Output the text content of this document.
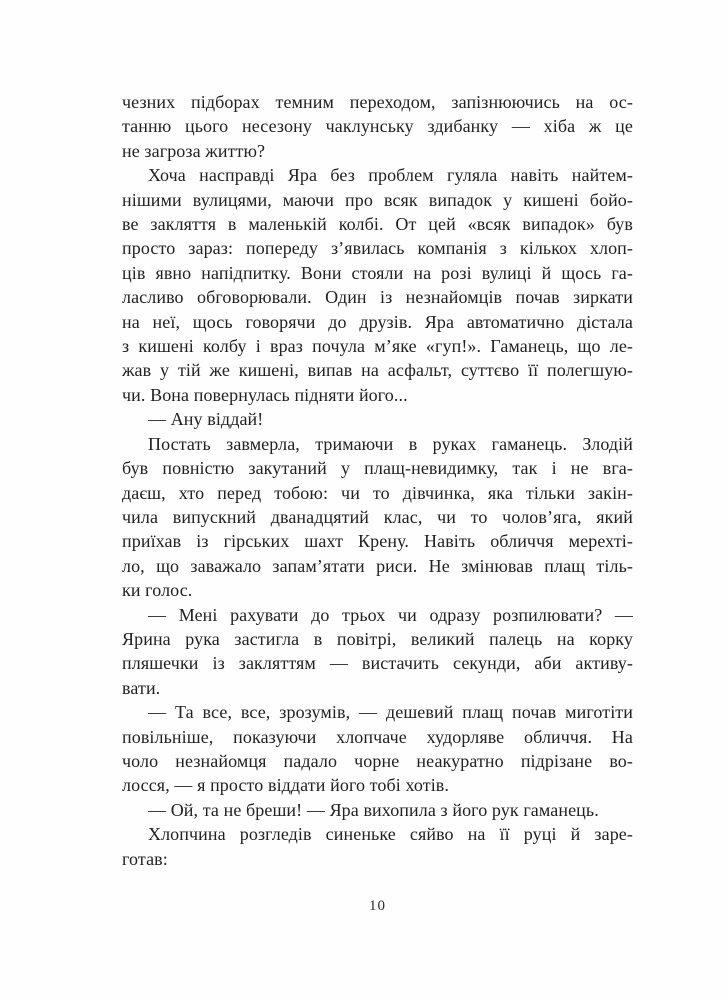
чезних підборах темним переходом, запізнюючись на ос-
танню цього несезону чаклунську здибанку — хіба ж це
не загроза життю?
Хоча насправді Яра без проблем гуляла навіть найтем-
нішими вулицями, маючи про всяк випадок у кишені бойо-
ве закляття в маленькій колбі. От цей «всяк випадок» був
просто зараз: попереду з’явилась компанія з кількох хлоп-
ців явно напідпитку. Вони стояли на розі вулиці й щось га-
ласливо обговорювали. Один із незнайомців почав зиркати
на неї, щось говорячи до друзів. Яра автоматично дістала
з кишені колбу і враз почула м’яке «гуп!». Гаманець, що ле-
жав у тій же кишені, випав на асфальт, суттєво її полегшую-
чи. Вона повернулась підняти його...
— Ану віддай!
Постать завмерла, тримаючи в руках гаманець. Злодій
був повністю закутаний у плащ-невидимку, так і не вга-
даєш, хто перед тобою: чи то дівчинка, яка тільки закін-
чила випускний дванадцятий клас, чи то чолов’яга, який
приїхав із гірських шахт Крену. Навіть обличчя мерехті-
ло, що заважало запам’ятати риси. Не змінював плащ тіль-
ки голос.
— Мені рахувати до трьох чи одразу розпилювати? —
Ярина рука застигла в повітрі, великий палець на корку
пляшечки із закляттям — вистачить секунди, аби активу-
вати.
— Та все, все, зрозумів, — дешевий плащ почав миготіти
повільніше, показуючи хлопчаче худорляве обличчя. На
чоло незнайомця падало чорне неакуратно підрізане во-
лосся, — я просто віддати його тобі хотів.
— Ой, та не бреши! — Яра вихопила з його рук гаманець.
Хлопчина розгледів синеньке сяйво на її руці й заре-
готав:
10
